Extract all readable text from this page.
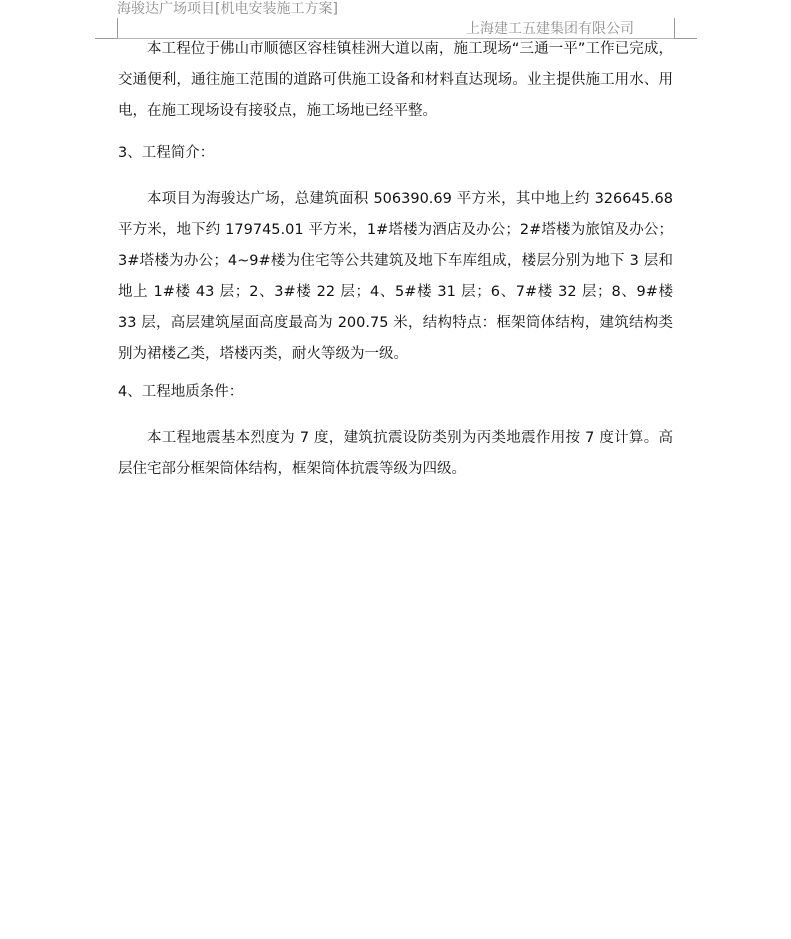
海骏达广场项目[机电安装施工方案]
上海建工五建集团有限公司

本工程位于佛山市顺德区容桂镇桂洲大道以南，施工现场“三通一平”工作已完成，交通便利，通往施工范围的道路可供施工设备和材料直达现场。业主提供施工用水、用电，在施工现场设有接驳点，施工场地已经平整。

3、工程简介：

本项目为海骏达广场，总建筑面积 506390.69 平方米，其中地上约 326645.68 平方米，地下约 179745.01 平方米，1#塔楼为酒店及办公；2#塔楼为旅馆及办公；3#塔楼为办公；4~9#楼为住宅等公共建筑及地下车库组成，楼层分别为地下 3 层和地上 1#楼 43 层；2、3#楼 22 层；4、5#楼 31 层；6、7#楼 32 层；8、9#楼 33 层，高层建筑屋面高度最高为 200.75 米，结构特点：框架筒体结构，建筑结构类别为裙楼乙类，塔楼丙类，耐火等级为一级。

4、工程地质条件：

本工程地震基本烈度为 7 度，建筑抗震设防类别为丙类地震作用按 7 度计算。高层住宅部分框架筒体结构，框架筒体抗震等级为四级。
